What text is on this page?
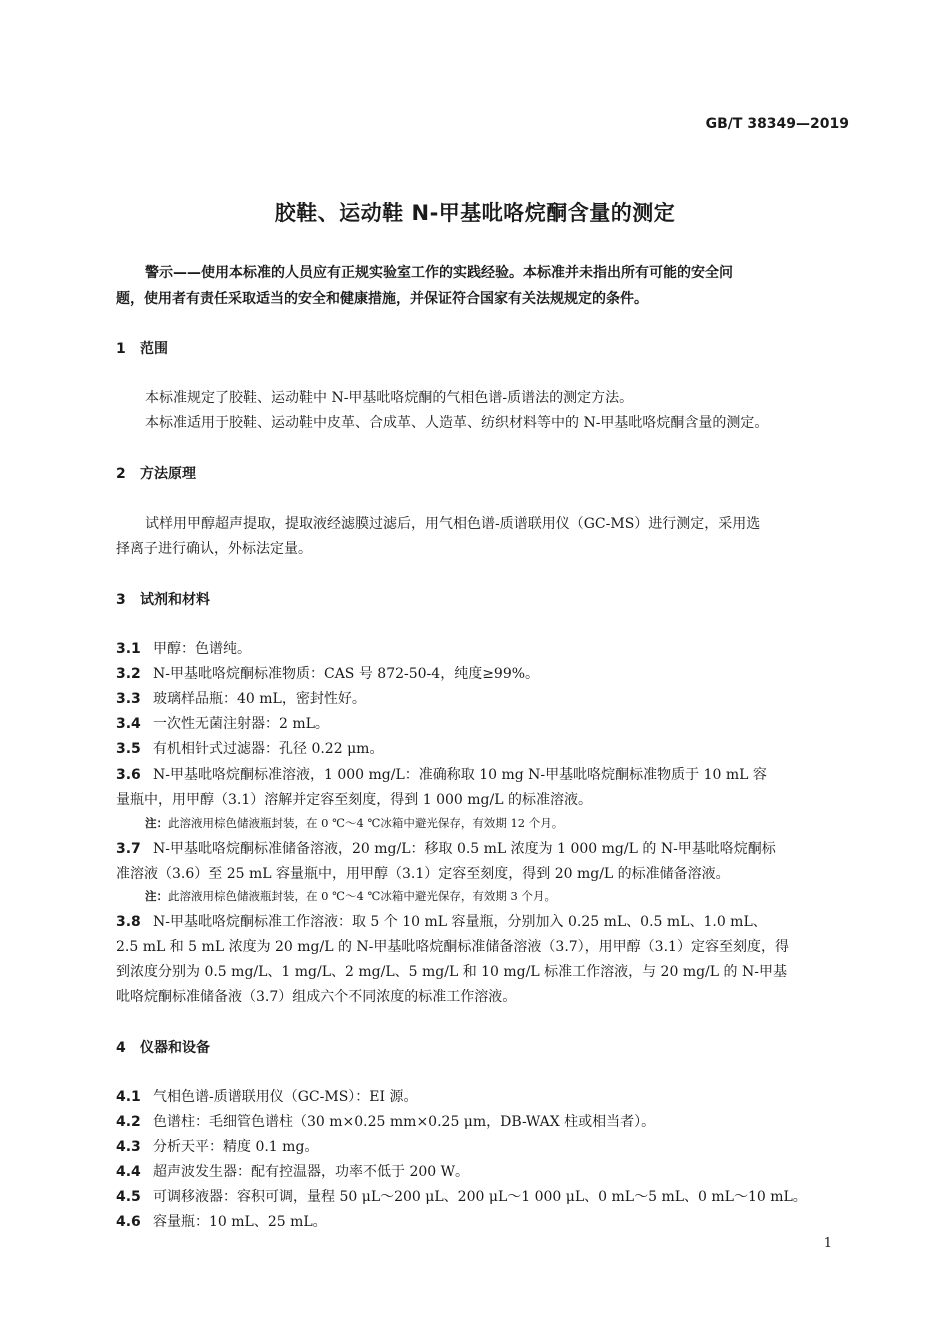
GB/T 38349—2019
胶鞋、运动鞋 N-甲基吡咯烷酮含量的测定
警示——使用本标准的人员应有正规实验室工作的实践经验。本标准并未指出所有可能的安全问
题，使用者有责任采取适当的安全和健康措施，并保证符合国家有关法规规定的条件。
1 范围
本标准规定了胶鞋、运动鞋中 N-甲基吡咯烷酮的气相色谱-质谱法的测定方法。
本标准适用于胶鞋、运动鞋中皮革、合成革、人造革、纺织材料等中的 N-甲基吡咯烷酮含量的测定。
2 方法原理
试样用甲醇超声提取，提取液经滤膜过滤后，用气相色谱-质谱联用仪（GC-MS）进行测定，采用选
择离子进行确认，外标法定量。
3 试剂和材料
3.1 甲醇：色谱纯。
3.2 N-甲基吡咯烷酮标准物质：CAS 号 872-50-4，纯度≥99%。
3.3 玻璃样品瓶：40 mL，密封性好。
3.4 一次性无菌注射器：2 mL。
3.5 有机相针式过滤器：孔径 0.22 μm。
3.6 N-甲基吡咯烷酮标准溶液，1 000 mg/L：准确称取 10 mg N-甲基吡咯烷酮标准物质于 10 mL 容
量瓶中，用甲醇（3.1）溶解并定容至刻度，得到 1 000 mg/L 的标准溶液。
注：此溶液用棕色储液瓶封装，在 0 ℃～4 ℃冰箱中避光保存，有效期 12 个月。
3.7 N-甲基吡咯烷酮标准储备溶液，20 mg/L：移取 0.5 mL 浓度为 1 000 mg/L 的 N-甲基吡咯烷酮标
准溶液（3.6）至 25 mL 容量瓶中，用甲醇（3.1）定容至刻度，得到 20 mg/L 的标准储备溶液。
注：此溶液用棕色储液瓶封装，在 0 ℃～4 ℃冰箱中避光保存，有效期 3 个月。
3.8 N-甲基吡咯烷酮标准工作溶液：取 5 个 10 mL 容量瓶，分别加入 0.25 mL、0.5 mL、1.0 mL、
2.5 mL 和 5 mL 浓度为 20 mg/L 的 N-甲基吡咯烷酮标准储备溶液（3.7），用甲醇（3.1）定容至刻度，得
到浓度分别为 0.5 mg/L、1 mg/L、2 mg/L、5 mg/L 和 10 mg/L 标准工作溶液，与 20 mg/L 的 N-甲基
吡咯烷酮标准储备液（3.7）组成六个不同浓度的标准工作溶液。
4 仪器和设备
4.1 气相色谱-质谱联用仪（GC-MS）：EI 源。
4.2 色谱柱：毛细管色谱柱（30 m×0.25 mm×0.25 μm，DB-WAX 柱或相当者）。
4.3 分析天平：精度 0.1 mg。
4.4 超声波发生器：配有控温器，功率不低于 200 W。
4.5 可调移液器：容积可调，量程 50 μL～200 μL、200 μL～1 000 μL、0 mL～5 mL、0 mL～10 mL。
4.6 容量瓶：10 mL、25 mL。
1
